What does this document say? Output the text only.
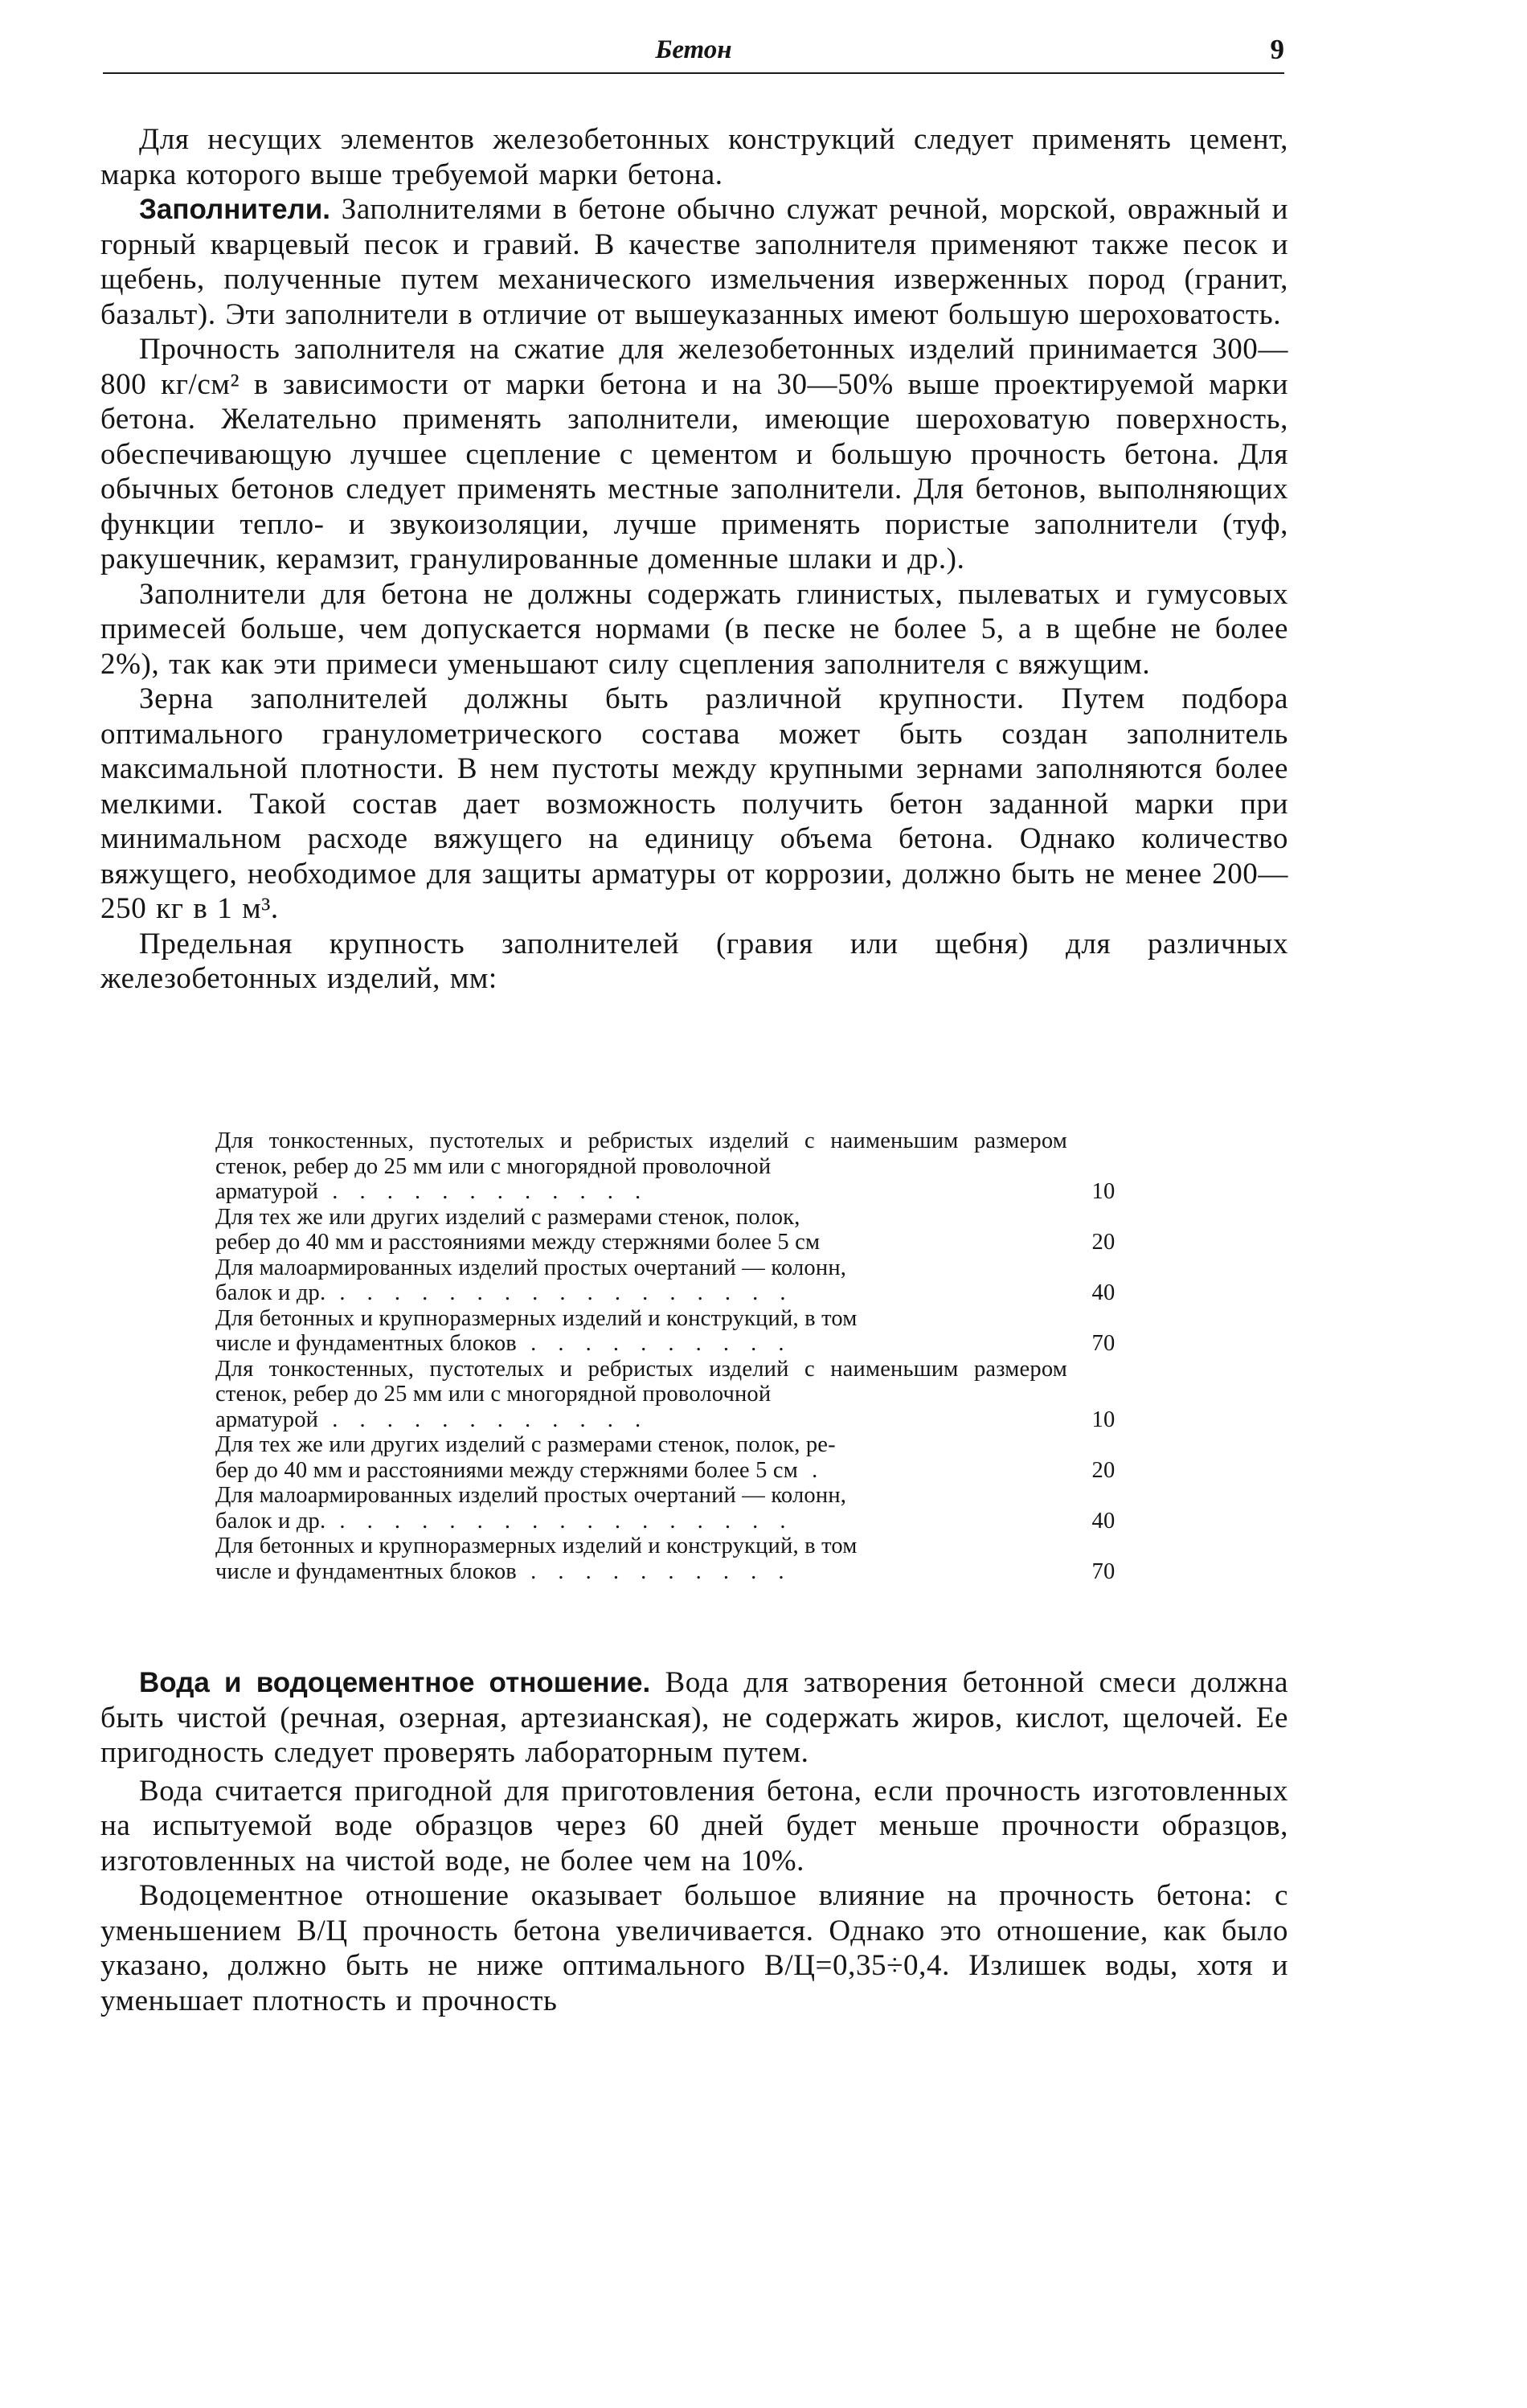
Бетон	9

Для несущих элементов железобетонных конструкций следует применять цемент, марка которого выше требуемой марки бетона.

Заполнители. Заполнителями в бетоне обычно служат речной, морской, овражный и горный кварцевый песок и гравий. В качестве заполнителя применяют также песок и щебень, полученные путем механического измельчения изверженных пород (гранит, базальт). Эти заполнители в отличие от вышеуказанных имеют большую шероховатость.

Прочность заполнителя на сжатие для железобетонных изделий принимается 300—800 кг/см² в зависимости от марки бетона и на 30—50% выше проектируемой марки бетона. Желательно применять заполнители, имеющие шероховатую поверхность, обеспечивающую лучшее сцепление с цементом и большую прочность бетона. Для обычных бетонов следует применять местные заполнители. Для бетонов, выполняющих функции тепло- и звукоизоляции, лучше применять пористые заполнители (туф, ракушечник, керамзит, гранулированные доменные шлаки и др.).

Заполнители для бетона не должны содержать глинистых, пылеватых и гумусовых примесей больше, чем допускается нормами (в песке не более 5, а в щебне не более 2%), так как эти примеси уменьшают силу сцепления заполнителя с вяжущим.

Зерна заполнителей должны быть различной крупности. Путем подбора оптимального гранулометрического состава может быть создан заполнитель максимальной плотности. В нем пустоты между крупными зернами заполняются более мелкими. Такой состав дает возможность получить бетон заданной марки при минимальном расходе вяжущего на единицу объема бетона. Однако количество вяжущего, необходимое для защиты арматуры от коррозии, должно быть не менее 200—250 кг в 1 м³.

Предельная крупность заполнителей (гравия или щебня) для различных железобетонных изделий, мм:

Для тонкостенных, пустотелых и ребристых изделий с наименьшим размером стенок, ребер до 25 мм или с многорядной проволочной
арматурой . . . . . . . . . . . .	10
Для тех же или других изделий с размерами стенок, полок,
ребер до 40 мм и расстояниями между стержнями более 5 см	20
Для малоармированных изделий простых очертаний — колонн,
балок и др. . . . . . . . . . . . . . . . . .	40
Для бетонных и крупноразмерных изделий и конструкций, в том
числе и фундаментных блоков . . . . . . . . . .	70
Для тонкостенных, пустотелых и ребристых изделий с наименьшим размером стенок, ребер до 25 мм или с многорядной проволочной
арматурой . . . . . . . . . . . .	10
Для тех же или других изделий с размерами стенок, полок, ре-
бер до 40 мм и расстояниями между стержнями более 5 см .	20
Для малоармированных изделий простых очертаний — колонн,
балок и др. . . . . . . . . . . . . . . . . .	40
Для бетонных и крупноразмерных изделий и конструкций, в том
числе и фундаментных блоков . . . . . . . . . .	70

Вода и водоцементное отношение. Вода для затворения бетонной смеси должна быть чистой (речная, озерная, артезианская), не содержать жиров, кислот, щелочей. Ее пригодность следует проверять лабораторным путем.

Вода считается пригодной для приготовления бетона, если прочность изготовленных на испытуемой воде образцов через 60 дней будет меньше прочности образцов, изготовленных на чистой воде, не более чем на 10%.

Водоцементное отношение оказывает большое влияние на прочность бетона: с уменьшением В/Ц прочность бетона увеличивается. Однако это отношение, как было указано, должно быть не ниже оптимального В/Ц=0,35÷0,4. Излишек воды, хотя и уменьшает плотность и прочность
